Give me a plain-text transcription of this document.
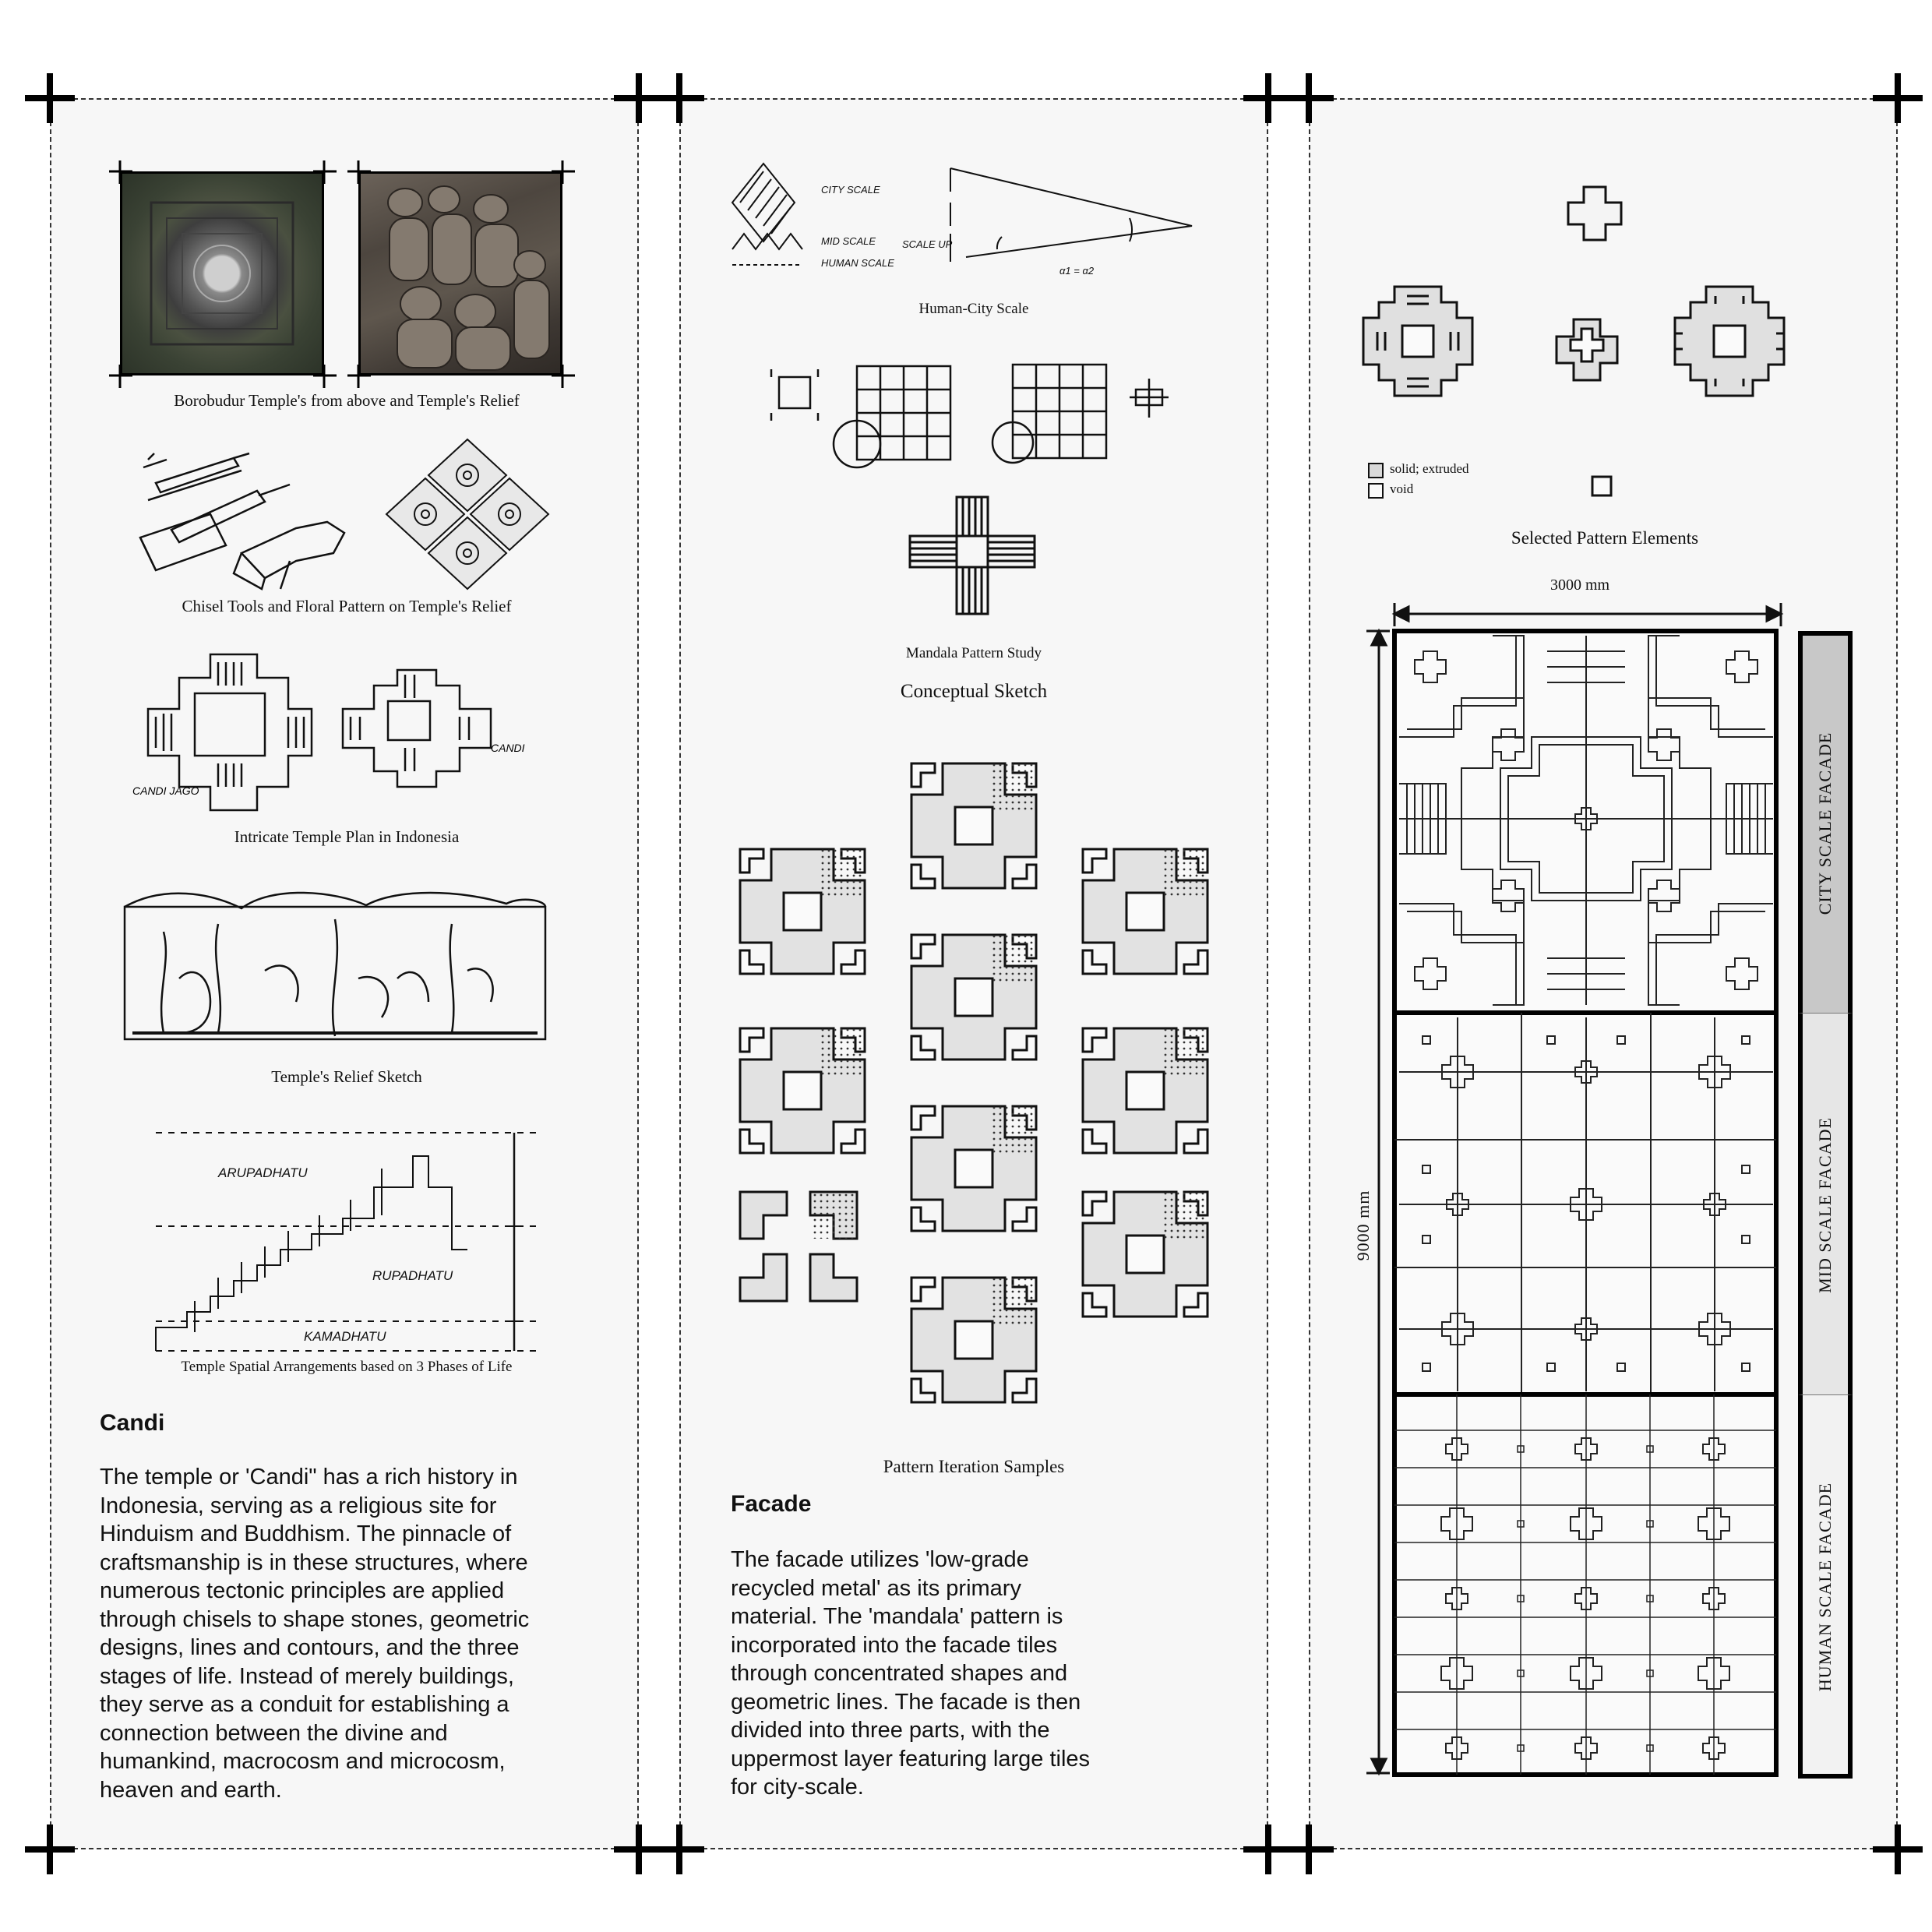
Borobudur Temple's from above and Temple's Relief
Chisel Tools and Floral Pattern on Temple's Relief
CANDI JAGO
CANDI
Intricate Temple Plan in Indonesia
Temple's Relief Sketch
ARUPADHATU
RUPADHATU
KAMADHATU
Temple Spatial Arrangements based on 3 Phases of Life
Candi
The temple or 'Candi" has a rich history in
Indonesia, serving as a religious site for
Hinduism and Buddhism. The pinnacle of
craftsmanship is in these structures, where
numerous tectonic principles are applied
through chisels to shape stones, geometric
designs, lines and contours, and the three
stages of life. Instead of merely buildings,
they serve as a conduit for establishing a
connection between the divine and
humankind, macrocosm and microcosm,
heaven and earth.
CITY SCALE
MID SCALE
HUMAN SCALE
SCALE UP
α1 = α2
Human-City Scale
Mandala Pattern Study
Conceptual Sketch
Pattern Iteration Samples
Facade
The facade utilizes 'low-grade
recycled metal' as its primary
material. The 'mandala' pattern is
incorporated into the facade tiles
through concentrated shapes and
geometric lines. The facade is then
divided into three parts, with the
uppermost layer featuring large tiles
for city-scale.
solid; extruded
void
Selected Pattern Elements
3000 mm
9000 mm
CITY SCALE FACADE
MID SCALE FACADE
HUMAN SCALE FACADE
